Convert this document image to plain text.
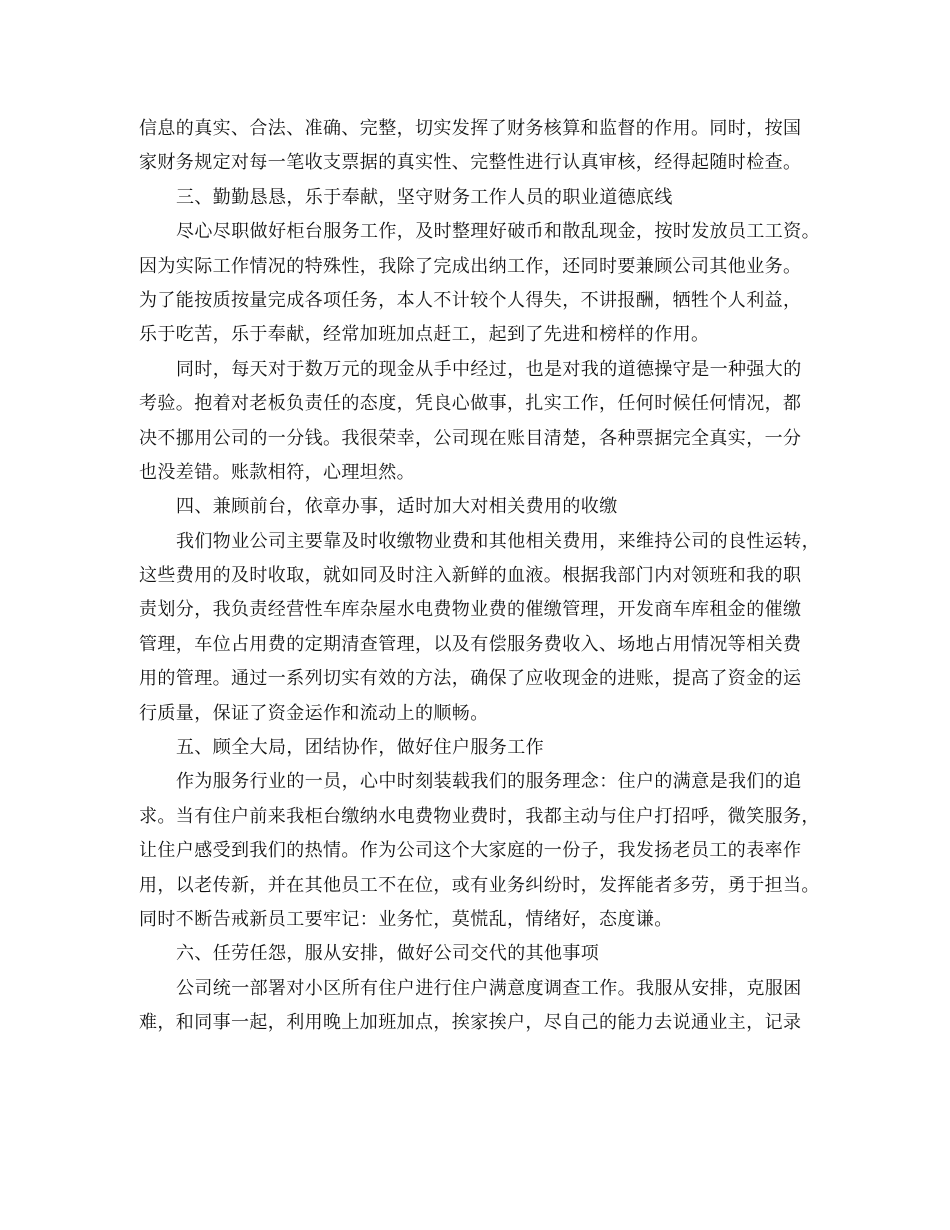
信息的真实、合法、准确、完整，切实发挥了财务核算和监督的作用。同时，按国
家财务规定对每一笔收支票据的真实性、完整性进行认真审核，经得起随时检查。
三、勤勤恳恳，乐于奉献，坚守财务工作人员的职业道德底线
尽心尽职做好柜台服务工作，及时整理好破币和散乱现金，按时发放员工工资。
因为实际工作情况的特殊性，我除了完成出纳工作，还同时要兼顾公司其他业务。
为了能按质按量完成各项任务，本人不计较个人得失，不讲报酬，牺牲个人利益，
乐于吃苦，乐于奉献，经常加班加点赶工，起到了先进和榜样的作用。
同时，每天对于数万元的现金从手中经过，也是对我的道德操守是一种强大的
考验。抱着对老板负责任的态度，凭良心做事，扎实工作，任何时候任何情况，都
决不挪用公司的一分钱。我很荣幸，公司现在账目清楚，各种票据完全真实，一分
也没差错。账款相符，心理坦然。
四、兼顾前台，依章办事，适时加大对相关费用的收缴
我们物业公司主要靠及时收缴物业费和其他相关费用，来维持公司的良性运转，
这些费用的及时收取，就如同及时注入新鲜的血液。根据我部门内对领班和我的职
责划分，我负责经营性车库杂屋水电费物业费的催缴管理，开发商车库租金的催缴
管理，车位占用费的定期清查管理，以及有偿服务费收入、场地占用情况等相关费
用的管理。通过一系列切实有效的方法，确保了应收现金的进账，提高了资金的运
行质量，保证了资金运作和流动上的顺畅。
五、顾全大局，团结协作，做好住户服务工作
作为服务行业的一员，心中时刻装载我们的服务理念：住户的满意是我们的追
求。当有住户前来我柜台缴纳水电费物业费时，我都主动与住户打招呼，微笑服务，
让住户感受到我们的热情。作为公司这个大家庭的一份子，我发扬老员工的表率作
用，以老传新，并在其他员工不在位，或有业务纠纷时，发挥能者多劳，勇于担当。
同时不断告戒新员工要牢记：业务忙，莫慌乱，情绪好，态度谦。
六、任劳任怨，服从安排，做好公司交代的其他事项
公司统一部署对小区所有住户进行住户满意度调查工作。我服从安排，克服困
难，和同事一起，利用晚上加班加点，挨家挨户，尽自己的能力去说通业主，记录
